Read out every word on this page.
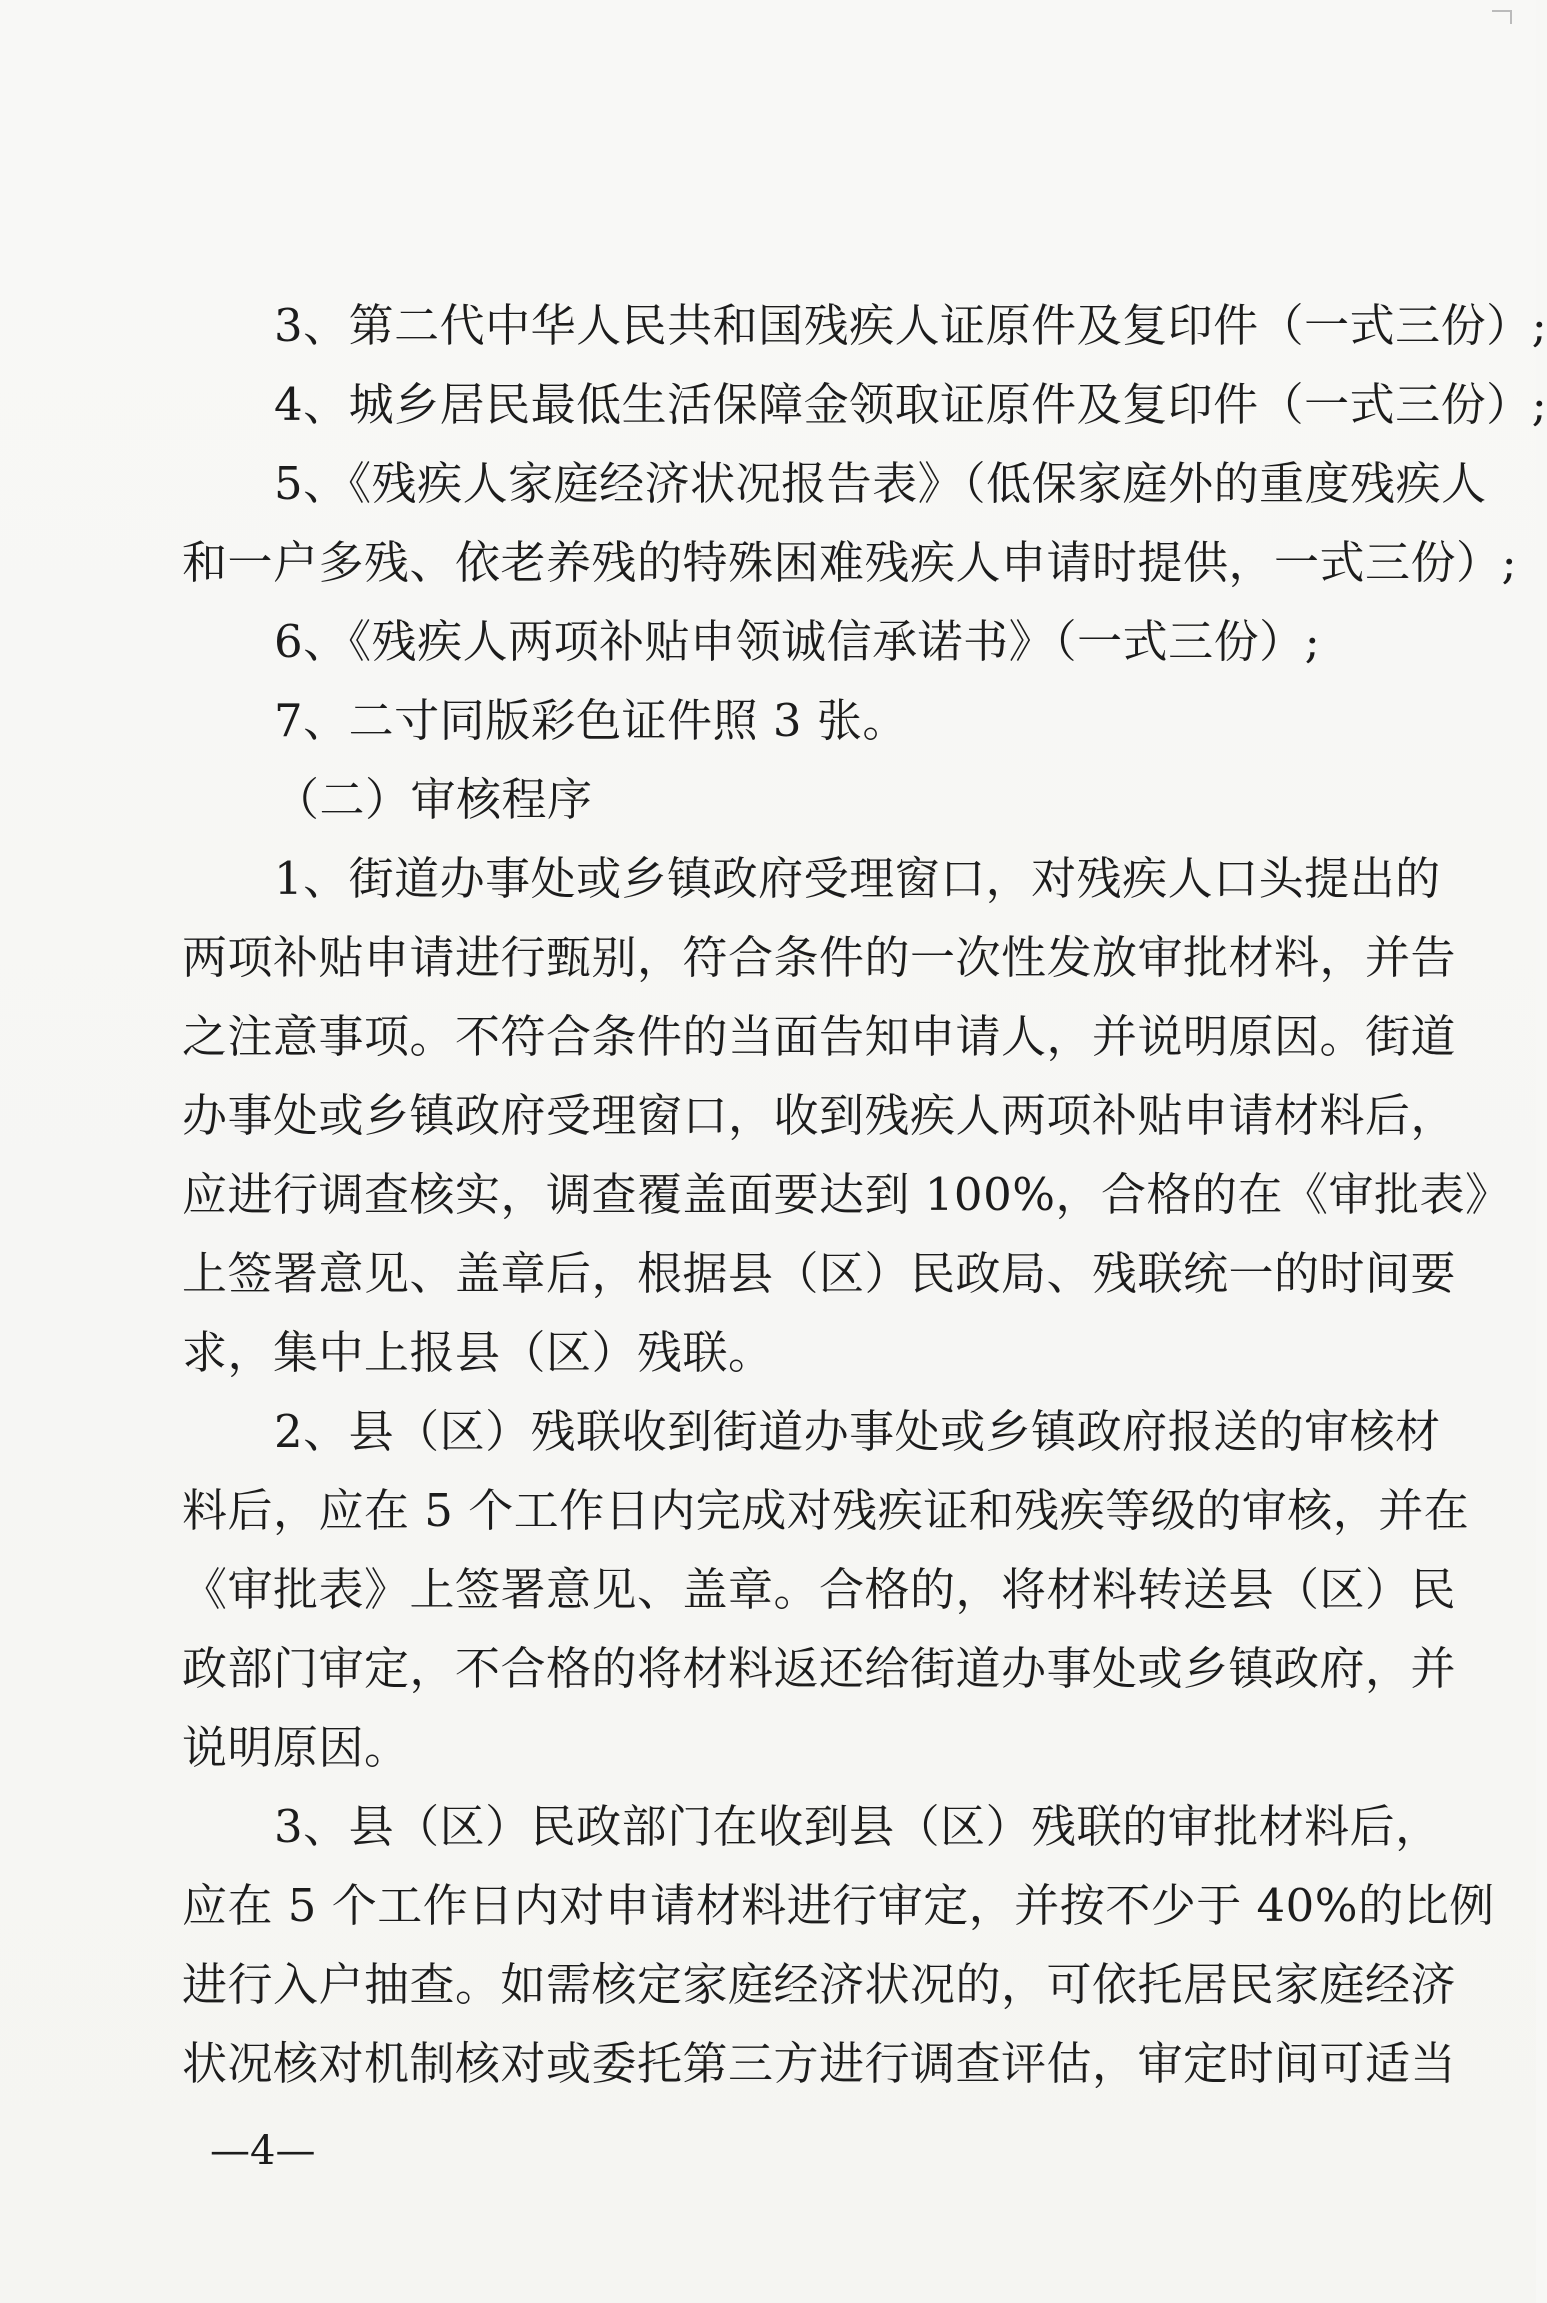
3、第二代中华人民共和国残疾人证原件及复印件（一式三份）;
4、城乡居民最低生活保障金领取证原件及复印件（一式三份）;
5、《残疾人家庭经济状况报告表》（低保家庭外的重度残疾人
和一户多残、依老养残的特殊困难残疾人申请时提供，一式三份）;
6、《残疾人两项补贴申领诚信承诺书》（一式三份）;
7、二寸同版彩色证件照 3 张。
（二）审核程序
1、街道办事处或乡镇政府受理窗口，对残疾人口头提出的
两项补贴申请进行甄别，符合条件的一次性发放审批材料，并告
之注意事项。不符合条件的当面告知申请人，并说明原因。街道
办事处或乡镇政府受理窗口，收到残疾人两项补贴申请材料后，
应进行调查核实，调查覆盖面要达到 100%，合格的在《审批表》
上签署意见、盖章后，根据县（区）民政局、残联统一的时间要
求，集中上报县（区）残联。
2、县（区）残联收到街道办事处或乡镇政府报送的审核材
料后，应在 5 个工作日内完成对残疾证和残疾等级的审核，并在
《审批表》上签署意见、盖章。合格的，将材料转送县（区）民
政部门审定，不合格的将材料返还给街道办事处或乡镇政府，并
说明原因。
3、县（区）民政部门在收到县（区）残联的审批材料后，
应在 5 个工作日内对申请材料进行审定，并按不少于 40%的比例
进行入户抽查。如需核定家庭经济状况的，可依托居民家庭经济
状况核对机制核对或委托第三方进行调查评估，审定时间可适当
—4—
